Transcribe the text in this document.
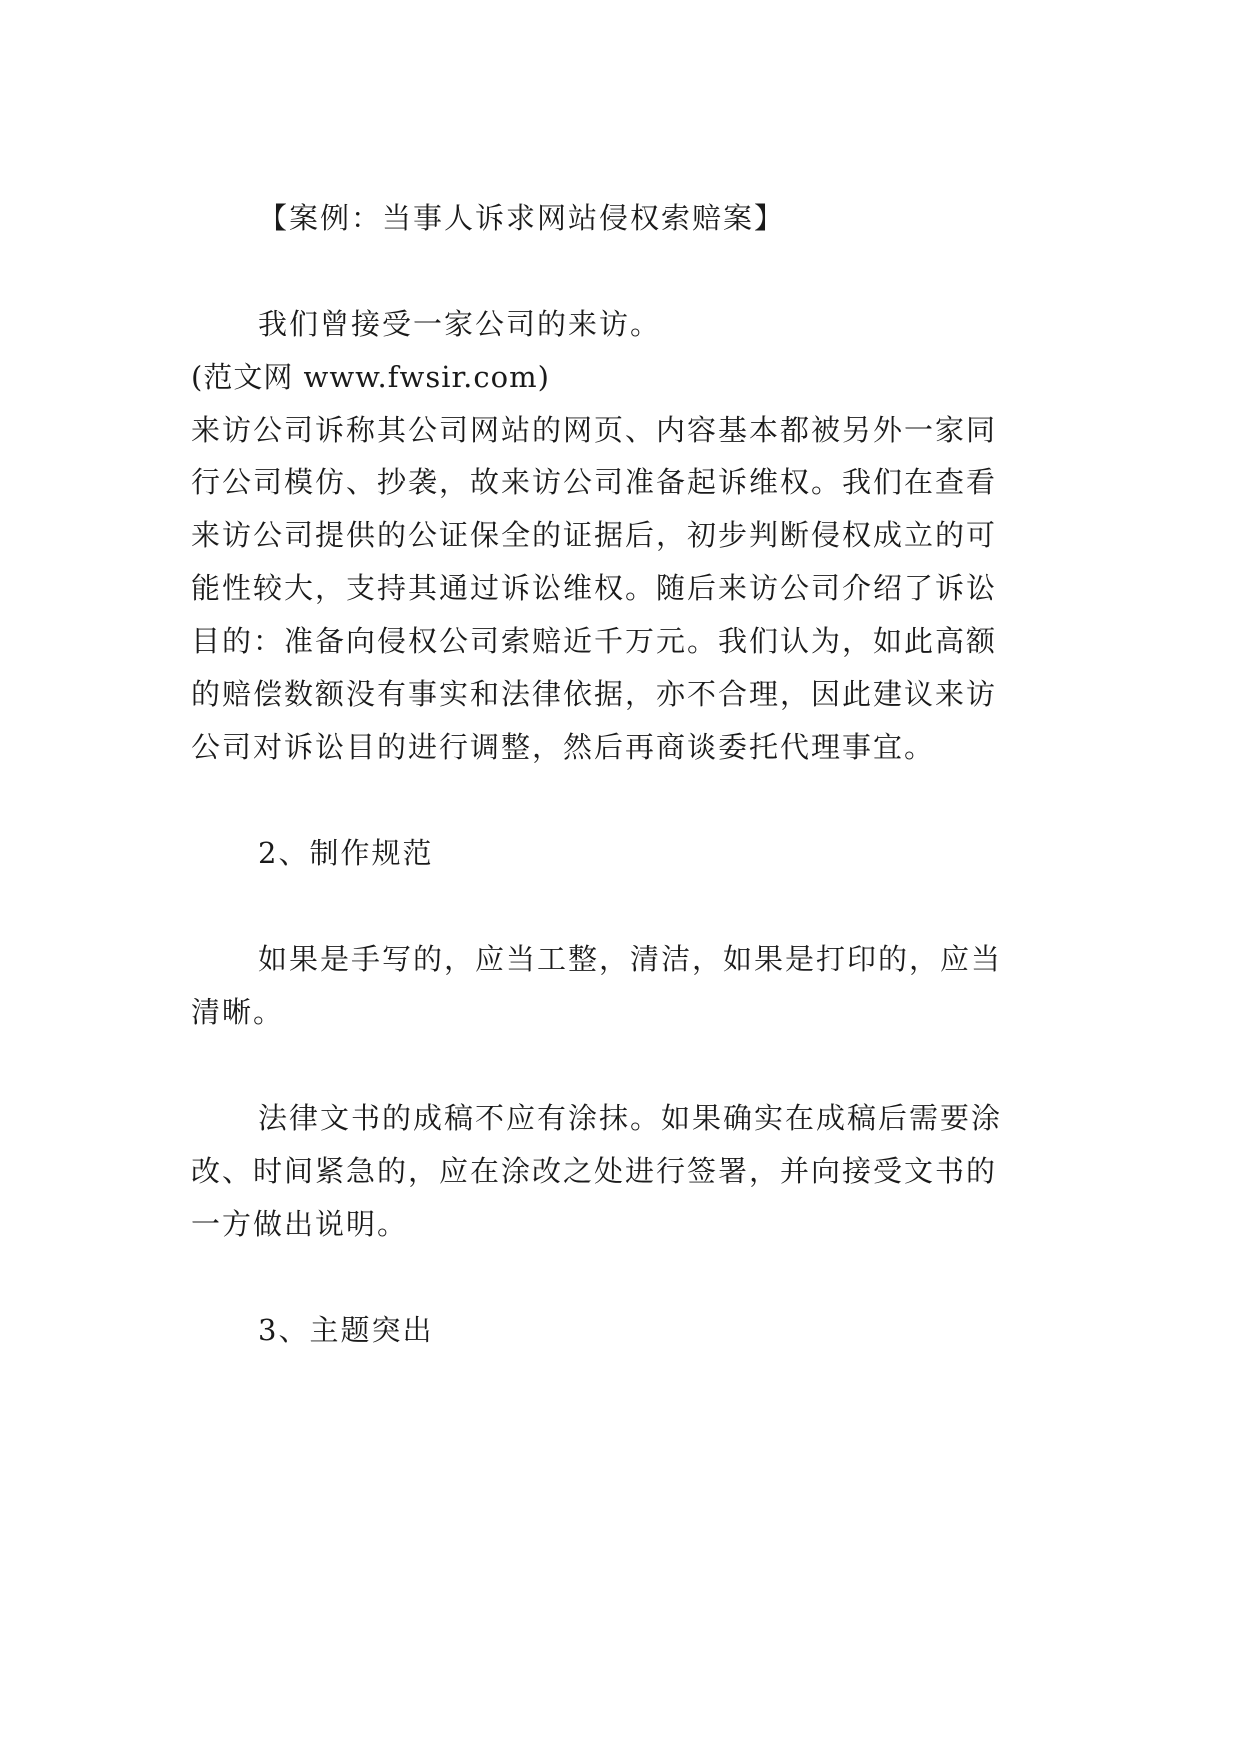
【案例：当事人诉求网站侵权索赔案】

我们曾接受一家公司的来访。

(范文网 www.fwsir.com)

来访公司诉称其公司网站的网页、内容基本都被另外一家同

行公司模仿、抄袭，故来访公司准备起诉维权。我们在查看

来访公司提供的公证保全的证据后，初步判断侵权成立的可

能性较大，支持其通过诉讼维权。随后来访公司介绍了诉讼

目的：准备向侵权公司索赔近千万元。我们认为，如此高额

的赔偿数额没有事实和法律依据，亦不合理，因此建议来访

公司对诉讼目的进行调整，然后再商谈委托代理事宜。

2、制作规范

如果是手写的，应当工整，清洁，如果是打印的，应当

清晰。

法律文书的成稿不应有涂抹。如果确实在成稿后需要涂

改、时间紧急的，应在涂改之处进行签署，并向接受文书的

一方做出说明。

3、主题突出
